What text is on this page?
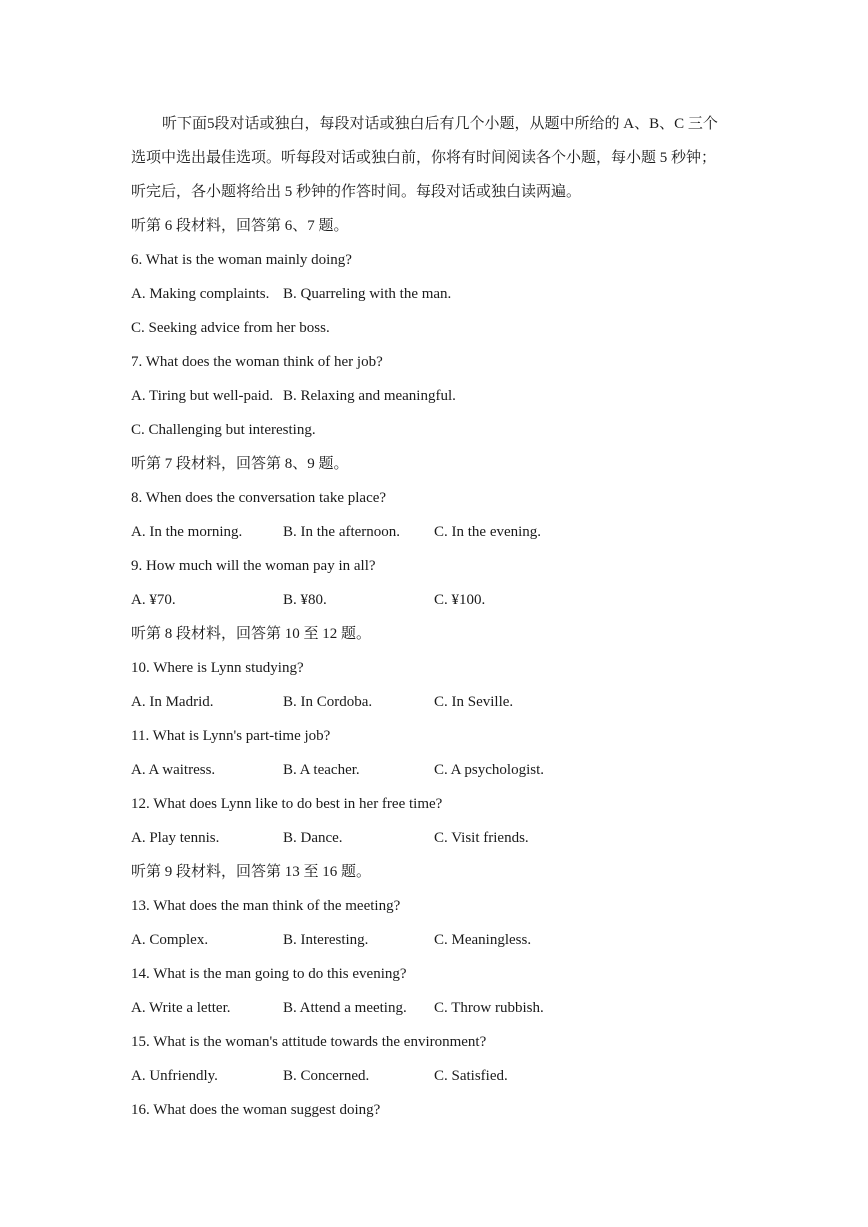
听下面5段对话或独白，每段对话或独白后有几个小题，从题中所给的 A、B、C 三个
选项中选出最佳选项。听每段对话或独白前，你将有时间阅读各个小题，每小题 5 秒钟；
听完后，各小题将给出 5 秒钟的作答时间。每段对话或独白读两遍。
听第 6 段材料，回答第 6、7 题。
6. What is the woman mainly doing?
A. Making complaints. B. Quarreling with the man.
C. Seeking advice from her boss.
7. What does the woman think of her job?
A. Tiring but well-paid. B. Relaxing and meaningful.
C. Challenging but interesting.
听第 7 段材料，回答第 8、9 题。
8. When does the conversation take place?
A. In the morning.	B. In the afternoon. C. In the evening.
9. How much will the woman pay in all?
A. ¥70.	B. ¥80.	C. ¥100.
听第 8 段材料，回答第 10 至 12 题。
10. Where is Lynn studying?
A. In Madrid.	B. In Cordoba.	C. In Seville.
11. What is Lynn's part-time job?
A. A waitress.	B. A teacher.	C. A psychologist.
12. What does Lynn like to do best in her free time?
A. Play tennis.	B. Dance.	C. Visit friends.
听第 9 段材料，回答第 13 至 16 题。
13. What does the man think of the meeting?
A. Complex.	B. Interesting.	C. Meaningless.
14. What is the man going to do this evening?
A. Write a letter.	B. Attend a meeting. C. Throw rubbish.
15. What is the woman's attitude towards the environment?
A. Unfriendly.	B. Concerned.	C. Satisfied.
16. What does the woman suggest doing?
